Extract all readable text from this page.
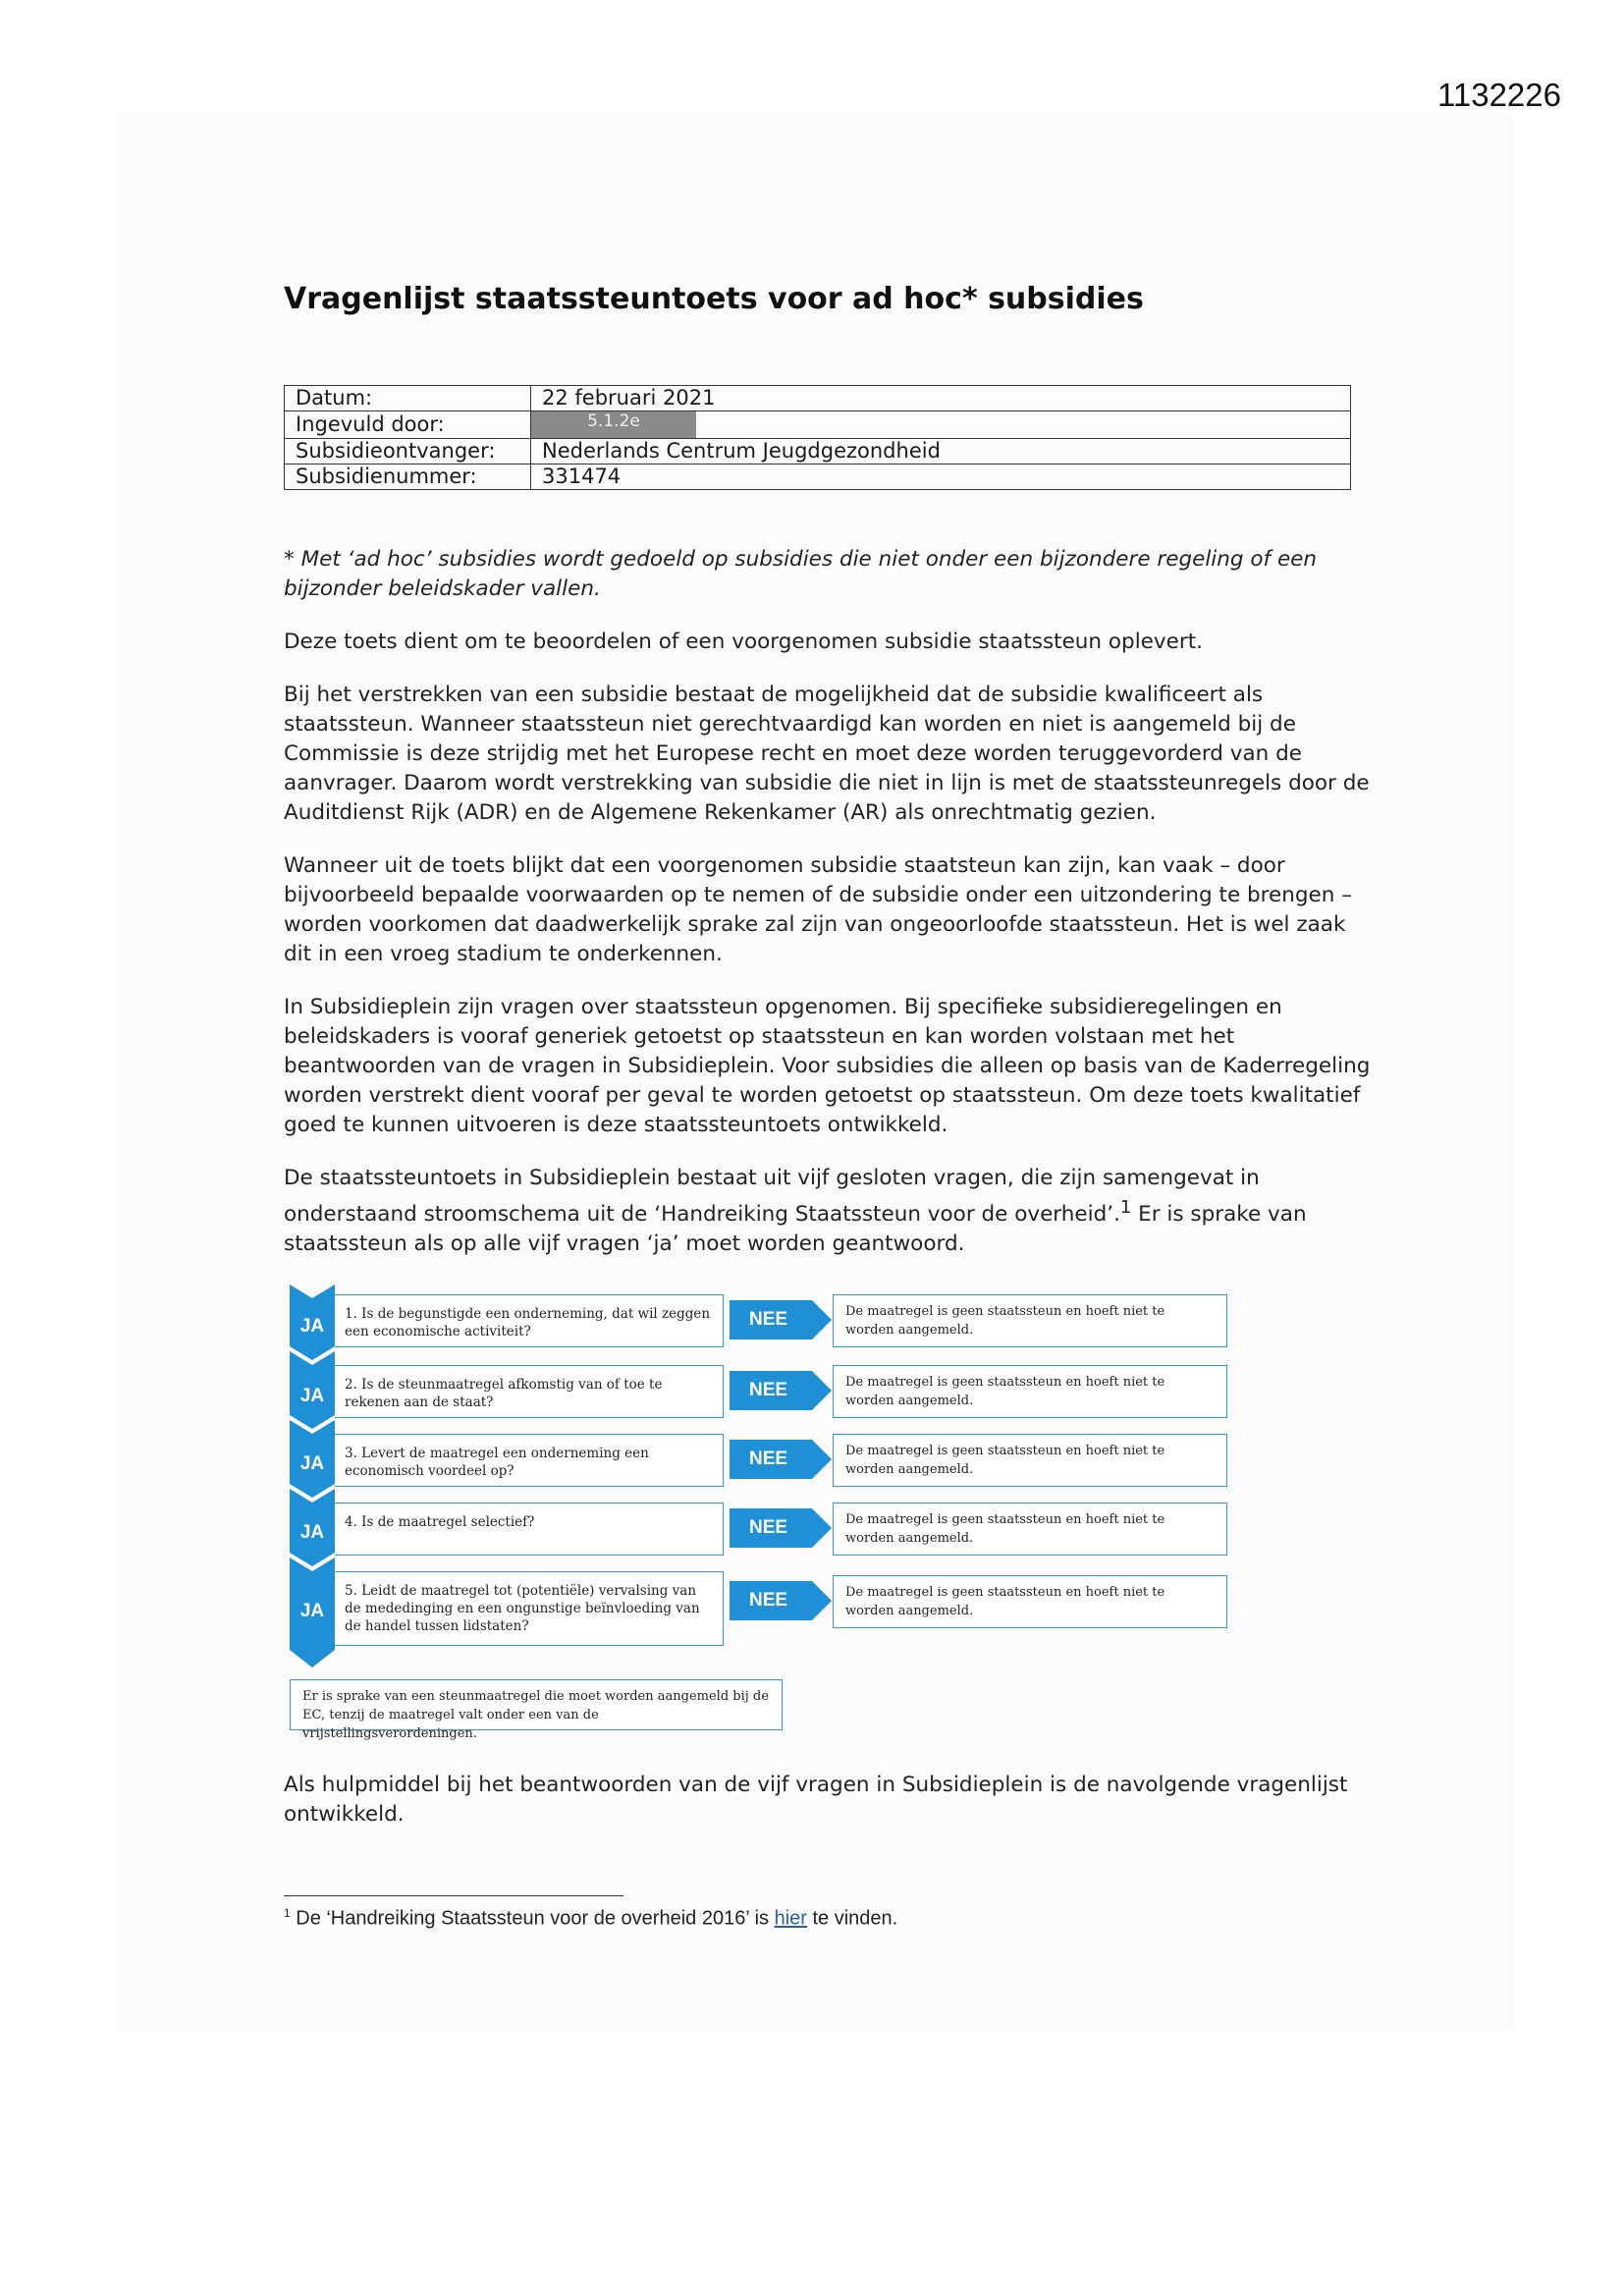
1132226
Vragenlijst staatssteuntoets voor ad hoc* subsidies
Datum:	22 februari 2021
Ingevuld door:	5.1.2e
Subsidieontvanger:	Nederlands Centrum Jeugdgezondheid
Subsidienummer:	331474

* Met ‘ad hoc’ subsidies wordt gedoeld op subsidies die niet onder een bijzondere regeling of een bijzonder beleidskader vallen.

Deze toets dient om te beoordelen of een voorgenomen subsidie staatssteun oplevert.

Bij het verstrekken van een subsidie bestaat de mogelijkheid dat de subsidie kwalificeert als staatssteun. Wanneer staatssteun niet gerechtvaardigd kan worden en niet is aangemeld bij de Commissie is deze strijdig met het Europese recht en moet deze worden teruggevorderd van de aanvrager. Daarom wordt verstrekking van subsidie die niet in lijn is met de staatssteunregels door de Auditdienst Rijk (ADR) en de Algemene Rekenkamer (AR) als onrechtmatig gezien.

Wanneer uit de toets blijkt dat een voorgenomen subsidie staatsteun kan zijn, kan vaak – door bijvoorbeeld bepaalde voorwaarden op te nemen of de subsidie onder een uitzondering te brengen – worden voorkomen dat daadwerkelijk sprake zal zijn van ongeoorloofde staatssteun. Het is wel zaak dit in een vroeg stadium te onderkennen.

In Subsidieplein zijn vragen over staatssteun opgenomen. Bij specifieke subsidieregelingen en beleidskaders is vooraf generiek getoetst op staatssteun en kan worden volstaan met het beantwoorden van de vragen in Subsidieplein. Voor subsidies die alleen op basis van de Kaderregeling worden verstrekt dient vooraf per geval te worden getoetst op staatssteun. Om deze toets kwalitatief goed te kunnen uitvoeren is deze staatssteuntoets ontwikkeld.

De staatssteuntoets in Subsidieplein bestaat uit vijf gesloten vragen, die zijn samengevat in onderstaand stroomschema uit de ‘Handreiking Staatssteun voor de overheid’.$^1$ Er is sprake van staatssteun als op alle vijf vragen ‘ja’ moet worden geantwoord.

JA
JA
JA
JA
JA
1. Is de begunstigde een onderneming, dat wil zeggen een economische activiteit?
2. Is de steunmaatregel afkomstig van of toe te rekenen aan de staat?
3. Levert de maatregel een onderneming een economisch voordeel op?
4. Is de maatregel selectief?
5. Leidt de maatregel tot (potentiële) vervalsing van de mededinging en een ongunstige beïnvloeding van de handel tussen lidstaten?
NEE
NEE
NEE
NEE
NEE
De maatregel is geen staatssteun en hoeft niet te worden aangemeld.
De maatregel is geen staatssteun en hoeft niet te worden aangemeld.
De maatregel is geen staatssteun en hoeft niet te worden aangemeld.
De maatregel is geen staatssteun en hoeft niet te worden aangemeld.
De maatregel is geen staatssteun en hoeft niet te worden aangemeld.
Er is sprake van een steunmaatregel die moet worden aangemeld bij de EC, tenzij de maatregel valt onder een van de vrijstellingsverordeningen.

Als hulpmiddel bij het beantwoorden van de vijf vragen in Subsidieplein is de navolgende vragenlijst ontwikkeld.

$^1$ De ‘Handreiking Staatssteun voor de overheid 2016’ is hier te vinden.
